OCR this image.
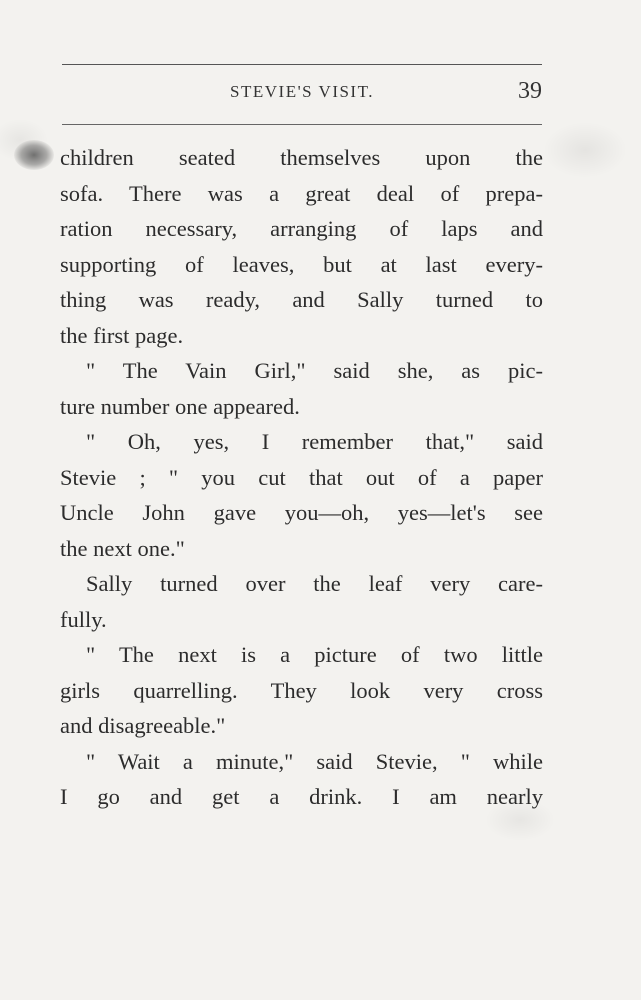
STEVIE'S VISIT.	39
children seated themselves upon the
sofa. There was a great deal of prepa-
ration necessary, arranging of laps and
supporting of leaves, but at last every-
thing was ready, and Sally turned to
the first page.
" The Vain Girl," said she, as pic-
ture number one appeared.
" Oh, yes, I remember that," said
Stevie ; " you cut that out of a paper
Uncle John gave you—oh, yes—let's see
the next one."
Sally turned over the leaf very care-
fully.
" The next is a picture of two little
girls quarrelling. They look very cross
and disagreeable."
" Wait a minute," said Stevie, " while
I go and get a drink. I am nearly
